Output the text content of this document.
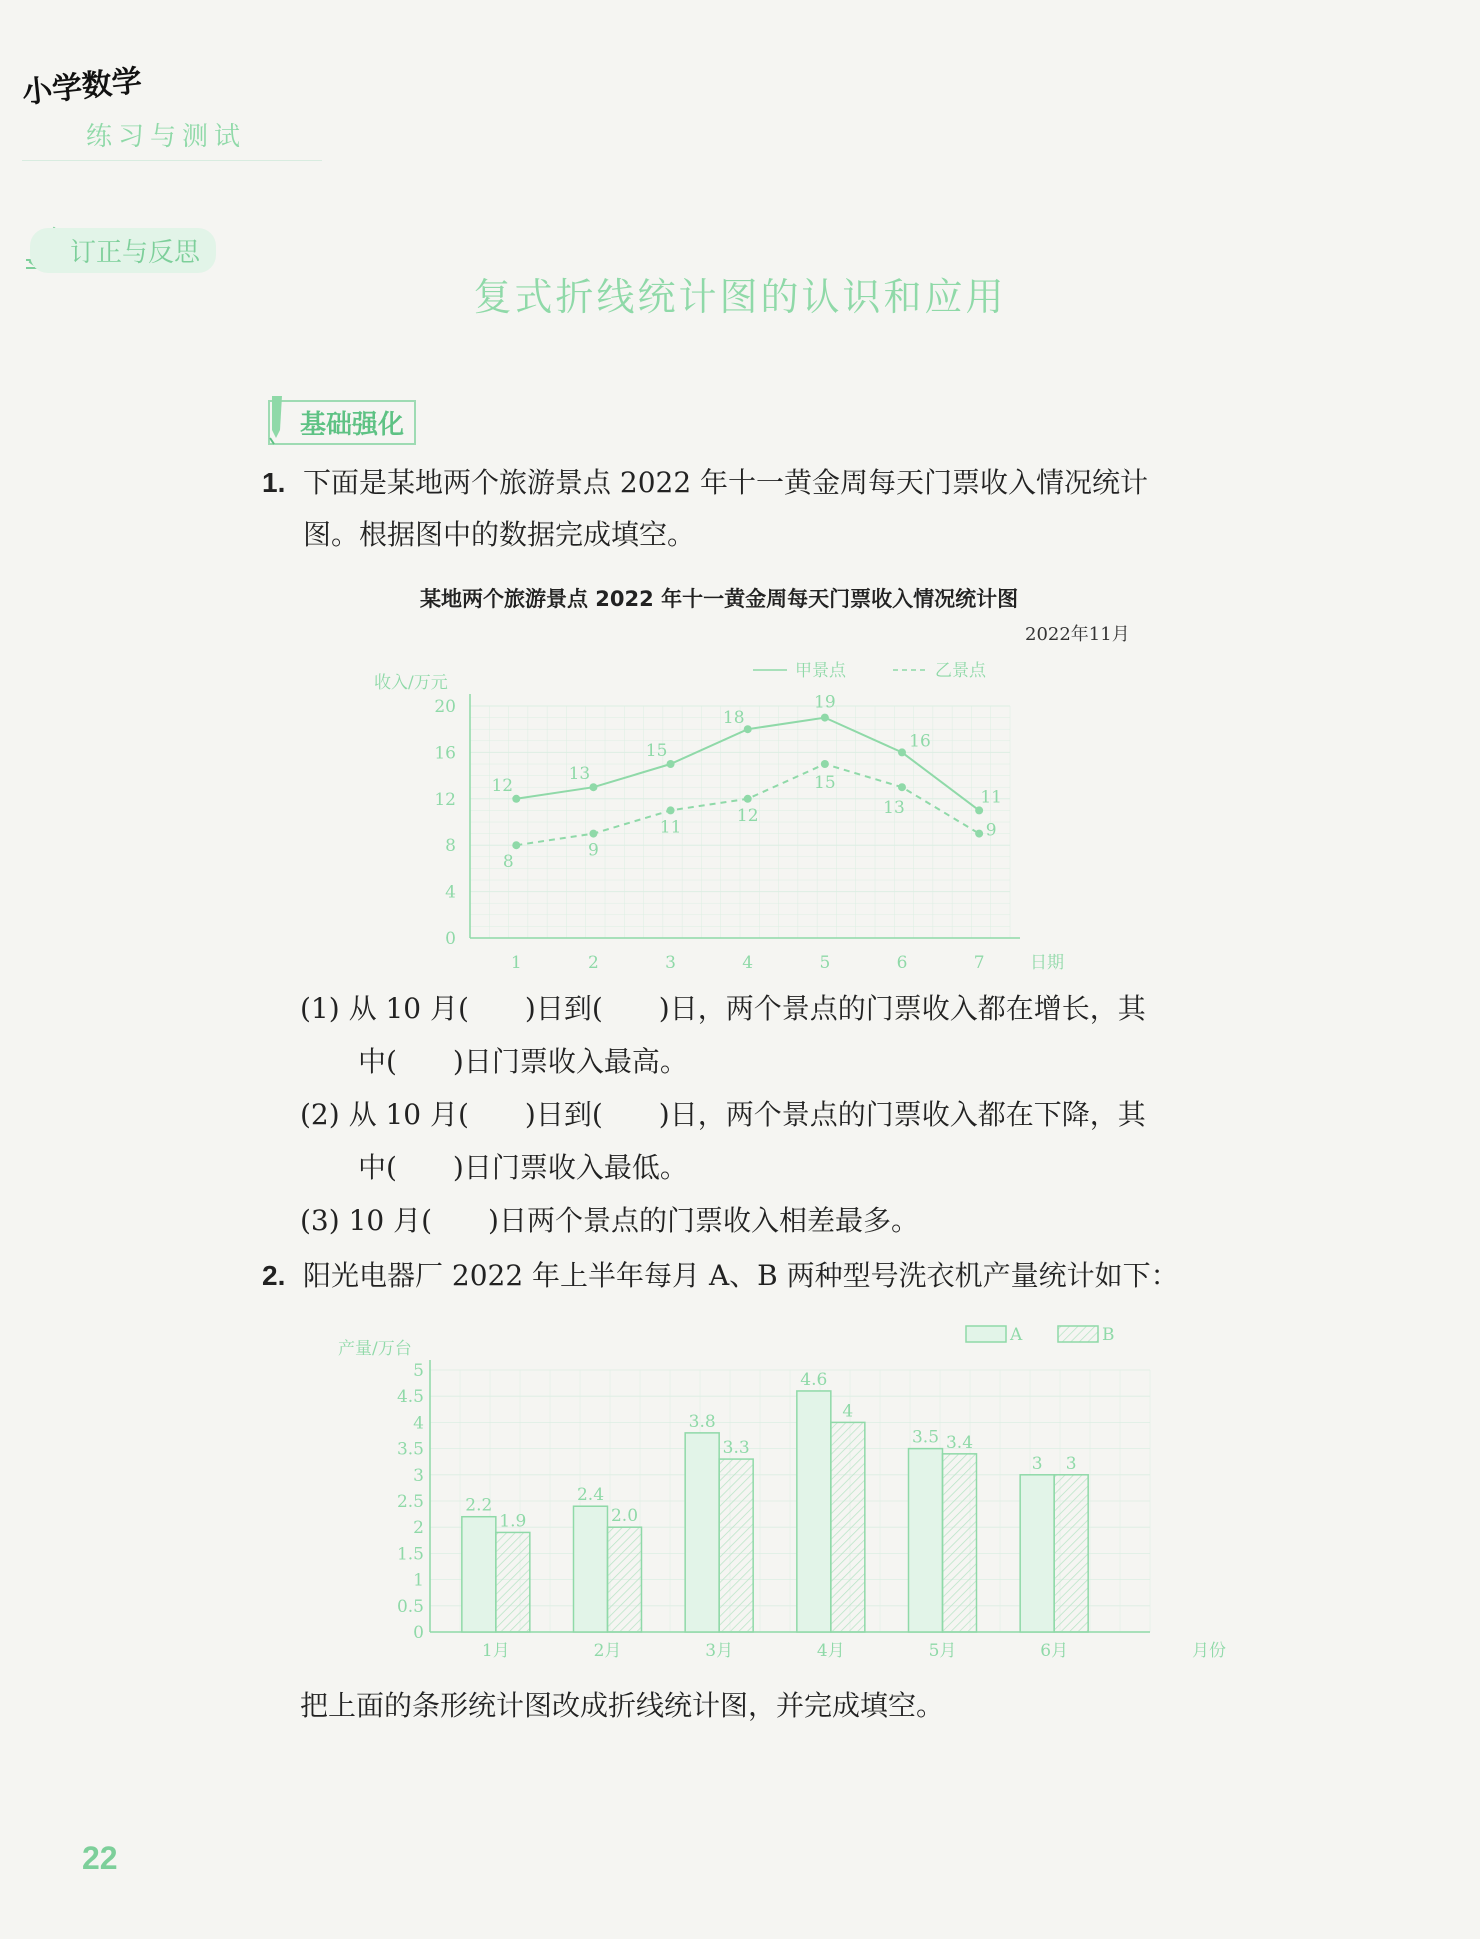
小学数学
练习与测试
订正与反思
复式折线统计图的认识和应用
基础强化
1. 下面是某地两个旅游景点 2022 年十一黄金周每天门票收入情况统计
图。根据图中的数据完成填空。
某地两个旅游景点 2022 年十一黄金周每天门票收入情况统计图
2022年11月
0
4
8
12
16
20
1	2	3	4	5	6	7
收入/万元
日期
甲景点	乙景点
12
13
15
18
19
16
11
8
9
11
12
15
13
9
(1) 从 10 月(　　)日到(　　)日，两个景点的门票收入都在增长，其
中(　　)日门票收入最高。
(2) 从 10 月(　　)日到(　　)日，两个景点的门票收入都在下降，其
中(　　)日门票收入最低。
(3) 10 月(　　)日两个景点的门票收入相差最多。
2. 阳光电器厂 2022 年上半年每月 A、B 两种型号洗衣机产量统计如下：
0
0.5
1
1.5
2
2.5
3
3.5
4
4.5
5
产量/万台
月份
A	B
2.2
1.9
1月
2.4
2.0
2月
3.8
3.3
3月
4.6
4
4月
3.5 3.4
5月
3 3
6月
把上面的条形统计图改成折线统计图，并完成填空。
22
